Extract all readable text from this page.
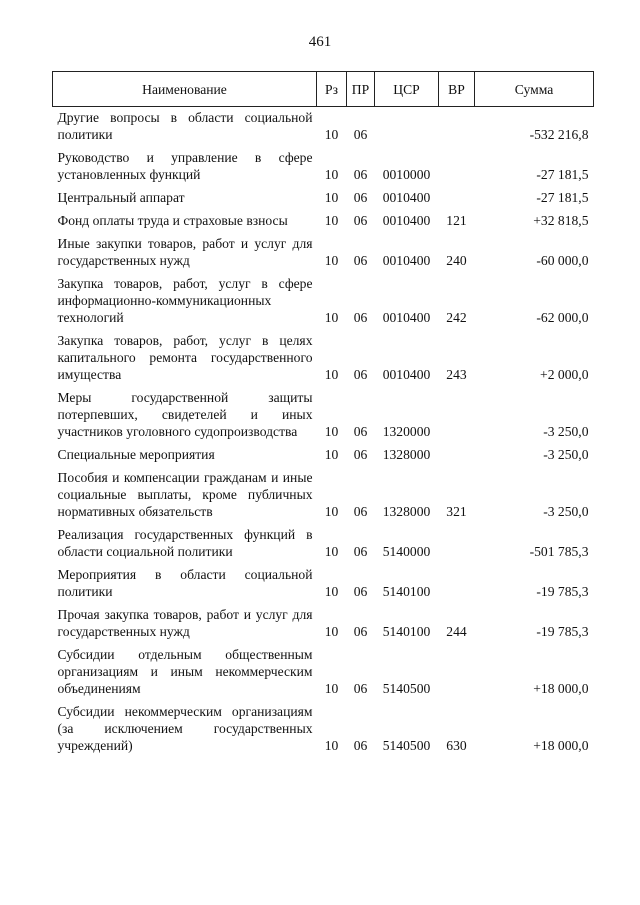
461
Наименование	Рз	ПР	ЦСР	ВР	Сумма
Другие вопросы в области социальной политики	10	06			-532 216,8
Руководство и управление в сфере установленных функций	10	06	0010000		-27 181,5
Центральный аппарат	10	06	0010400		-27 181,5
Фонд оплаты труда и страховые взносы	10	06	0010400	121	+32 818,5
Иные закупки товаров, работ и услуг для государственных нужд	10	06	0010400	240	-60 000,0
Закупка товаров, работ, услуг в сфере информационно-коммуникационных технологий	10	06	0010400	242	-62 000,0
Закупка товаров, работ, услуг в целях капитального ремонта государственного имущества	10	06	0010400	243	+2 000,0
Меры государственной защиты потерпевших, свидетелей и иных участников уголовного судопроизводства	10	06	1320000		-3 250,0
Специальные мероприятия	10	06	1328000		-3 250,0
Пособия и компенсации гражданам и иные социальные выплаты, кроме публичных нормативных обязательств	10	06	1328000	321	-3 250,0
Реализация государственных функций в области социальной политики	10	06	5140000		-501 785,3
Мероприятия в области социальной политики	10	06	5140100		-19 785,3
Прочая закупка товаров, работ и услуг для государственных нужд	10	06	5140100	244	-19 785,3
Субсидии отдельным общественным организациям и иным некоммерческим объединениям	10	06	5140500		+18 000,0
Субсидии некоммерческим организациям (за исключением государственных учреждений)	10	06	5140500	630	+18 000,0
